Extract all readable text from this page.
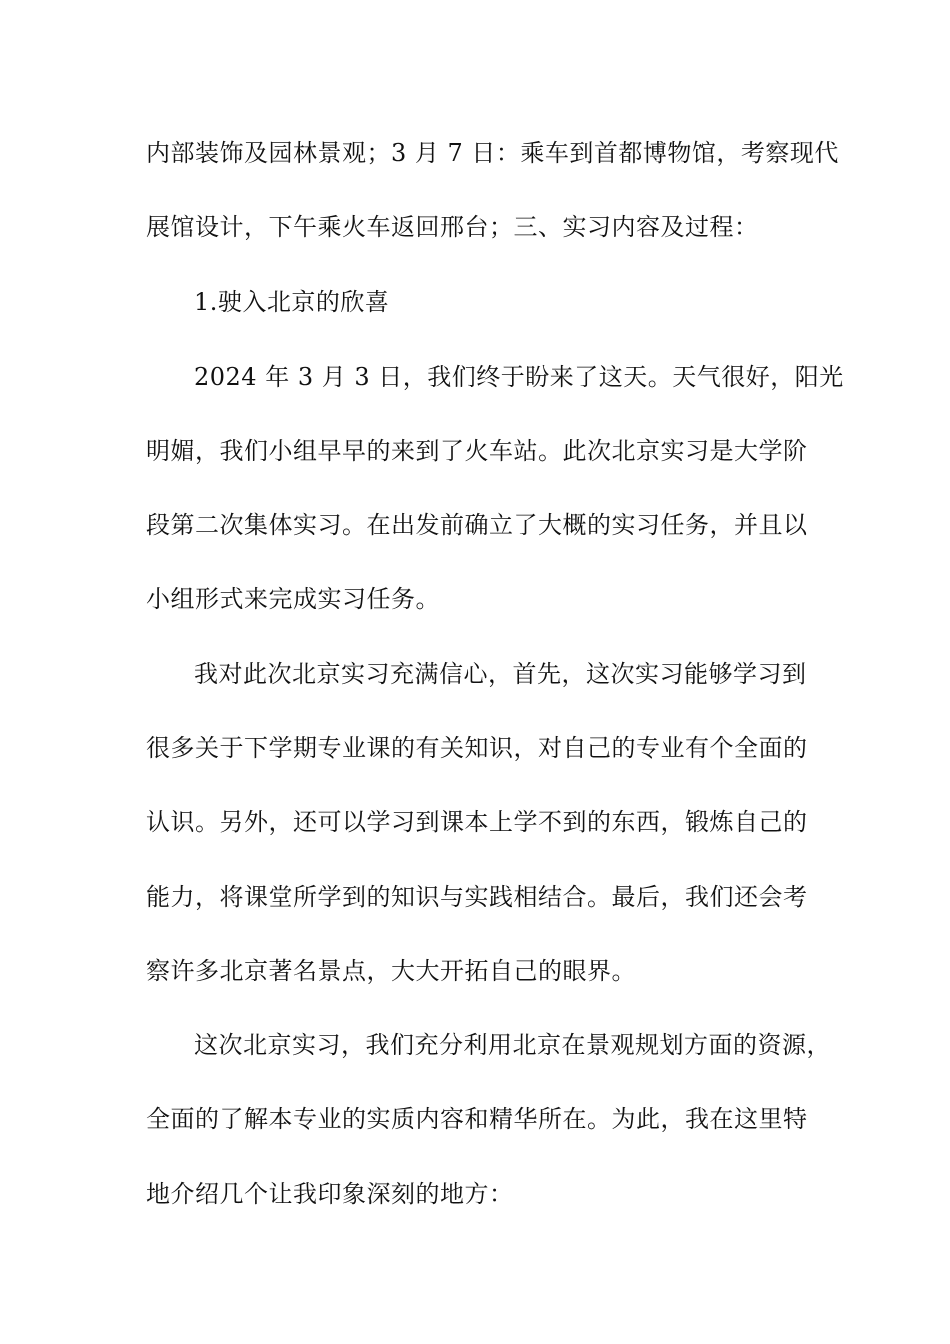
内部装饰及园林景观；3 月 7 日：乘车到首都博物馆，考察现代
展馆设计，下午乘火车返回邢台；三、实习内容及过程：
1.驶入北京的欣喜
2024 年 3 月 3 日，我们终于盼来了这天。天气很好，阳光
明媚，我们小组早早的来到了火车站。此次北京实习是大学阶
段第二次集体实习。在出发前确立了大概的实习任务，并且以
小组形式来完成实习任务。
我对此次北京实习充满信心，首先，这次实习能够学习到
很多关于下学期专业课的有关知识，对自己的专业有个全面的
认识。另外，还可以学习到课本上学不到的东西，锻炼自己的
能力，将课堂所学到的知识与实践相结合。最后，我们还会考
察许多北京著名景点，大大开拓自己的眼界。
这次北京实习，我们充分利用北京在景观规划方面的资源，
全面的了解本专业的实质内容和精华所在。为此，我在这里特
地介绍几个让我印象深刻的地方：
